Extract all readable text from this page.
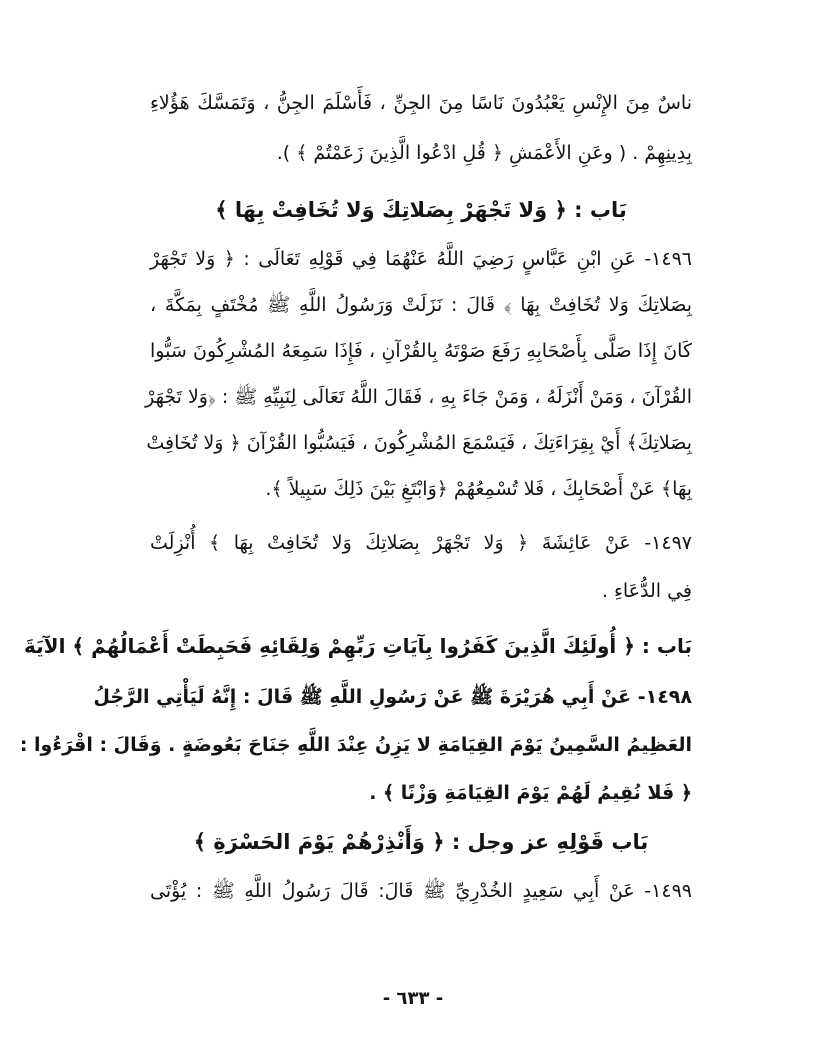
ناسٌ مِنَ الإِنْسِ يَعْبُدُونَ نَاسًا مِنَ الجِنِّ ، فَأَسْلَمَ الجِنُّ ، وَتَمَسَّكَ هَؤُلاءِ
بِدِينِهِمْ . ( وعَنِ الأَعْمَشِ ﴿ قُلِ ادْعُوا الَّذِينَ زَعَمْتُمْ ﴾ ).
بَاب : ﴿ وَلا تَجْهَرْ بِصَلاتِكَ وَلا تُخَافِتْ بِهَا ﴾
١٤٩٦- عَنِ ابْنِ عَبَّاسٍ رَضِيَ اللَّهُ عَنْهُمَا فِي قَوْلِهِ تَعَالَى : ﴿ وَلا تَجْهَرْ
بِصَلاتِكَ وَلا تُخَافِتْ بِهَا ﴾ قَالَ : نَزَلَتْ وَرَسُولُ اللَّهِ ﷺ مُخْتَفٍ بِمَكَّةَ ،
كَانَ إِذَا صَلَّى بِأَصْحَابِهِ رَفَعَ صَوْتَهُ بِالقُرْآنِ ، فَإِذَا سَمِعَهُ المُشْرِكُونَ سَبُّوا
القُرْآنَ ، وَمَنْ أَنْزَلَهُ ، وَمَنْ جَاءَ بِهِ ، فَقَالَ اللَّهُ تَعَالَى لِنَبِيِّهِ ﷺ : ﴿وَلا تَجْهَرْ
بِصَلاتِكَ﴾ أَيْ بِقِرَاءَتِكَ ، فَيَسْمَعَ المُشْرِكُونَ ، فَيَسُبُّوا القُرْآنَ ﴿ وَلا تُخَافِتْ
بِهَا﴾ عَنْ أَصْحَابِكَ ، فَلا تُسْمِعُهُمْ ﴿وَابْتَغِ بَيْنَ ذَلِكَ سَبِيلاً ﴾.
١٤٩٧- عَنْ عَائِشَةَ ﴿ وَلا تَجْهَرْ بِصَلاتِكَ وَلا تُخَافِتْ بِهَا ﴾ أُنْزِلَتْ
فِي الدُّعَاءِ .
بَاب : ﴿ أُولَئِكَ الَّذِينَ كَفَرُوا بِآيَاتِ رَبِّهِمْ وَلِقَائِهِ فَحَبِطَتْ أَعْمَالُهُمْ ﴾ الآيَةَ
١٤٩٨- عَنْ أَبِي هُرَيْرَةَ ﷺ عَنْ رَسُولِ اللَّهِ ﷺ قَالَ : إِنَّهُ لَيَأْتِي الرَّجُلُ
العَظِيمُ السَّمِينُ يَوْمَ القِيَامَةِ لا يَزِنُ عِنْدَ اللَّهِ جَنَاحَ بَعُوضَةٍ . وَقَالَ : اقْرَءُوا :
﴿ فَلا نُقِيمُ لَهُمْ يَوْمَ القِيَامَةِ وَزْنًا ﴾ .
بَاب قَوْلِهِ عز وجل : ﴿ وَأَنْذِرْهُمْ يَوْمَ الحَسْرَةِ ﴾
١٤٩٩- عَنْ أَبِي سَعِيدٍ الخُدْرِيِّ ﷺ قَالَ: قَالَ رَسُولُ اللَّهِ ﷺ : يُؤْتَى
- ٦٣٣ -
